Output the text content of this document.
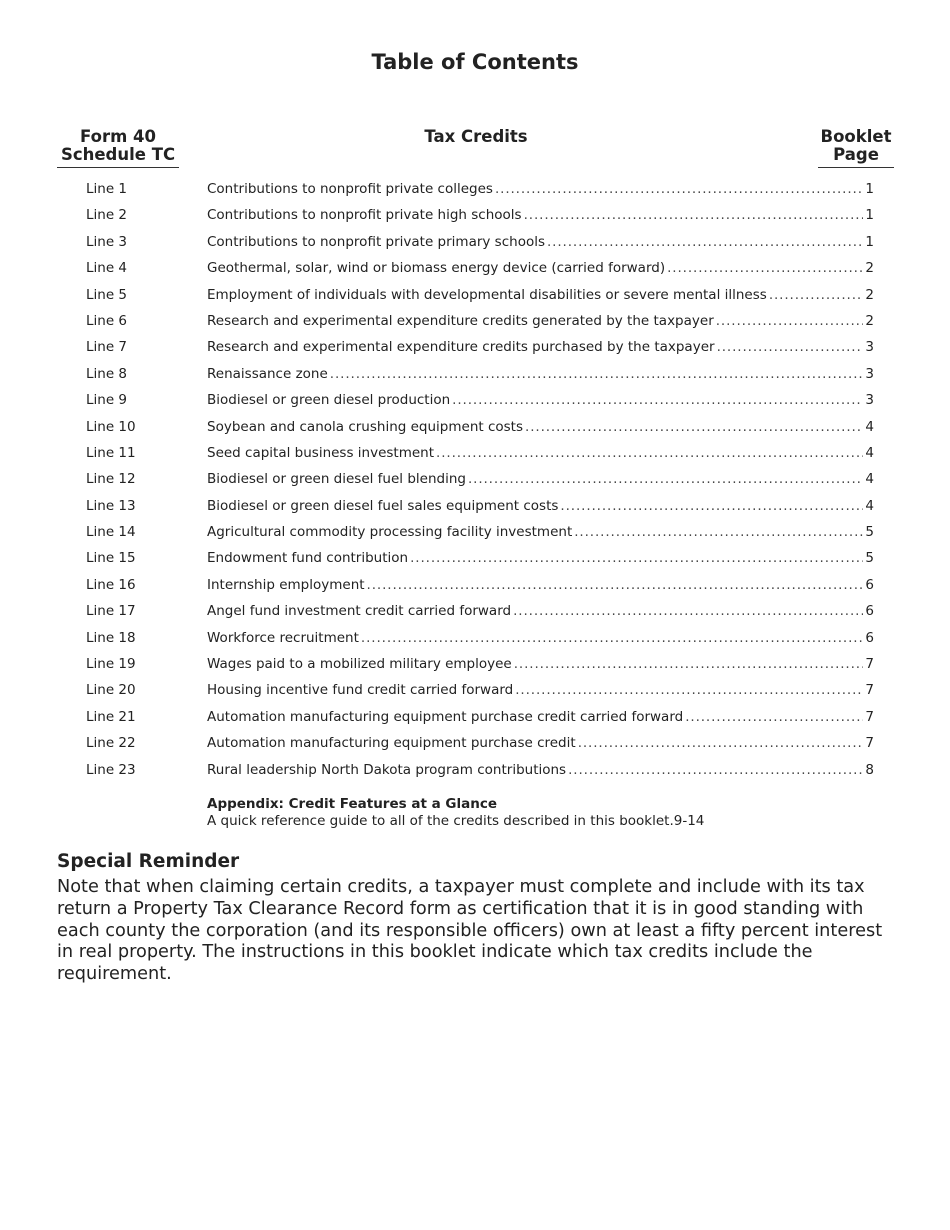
Table of Contents
Form 40
Schedule TC
Tax Credits	Booklet
Page
Line 1	Contributions to nonprofit private colleges . . .	1
Line 2	Contributions to nonprofit private high schools . . .	1
Line 3	Contributions to nonprofit private primary schools . . .	1
Line 4	Geothermal, solar, wind or biomass energy device (carried forward) . . .	2
Line 5	Employment of individuals with developmental disabilities or severe mental illness . . .	2
Line 6	Research and experimental expenditure credits generated by the taxpayer . . .	2
Line 7	Research and experimental expenditure credits purchased by the taxpayer . . .	3
Line 8	Renaissance zone . . .	3
Line 9	Biodiesel or green diesel production . . .	3
Line 10	Soybean and canola crushing equipment costs . . .	4
Line 11	Seed capital business investment . . .	4
Line 12	Biodiesel or green diesel fuel blending . . .	4
Line 13	Biodiesel or green diesel fuel sales equipment costs . . .	4
Line 14	Agricultural commodity processing facility investment . . .	5
Line 15	Endowment fund contribution . . .	5
Line 16	Internship employment . . .	6
Line 17	Angel fund investment credit carried forward . . .	6
Line 18	Workforce recruitment . . .	6
Line 19	Wages paid to a mobilized military employee . . .	7
Line 20	Housing incentive fund credit carried forward . . .	7
Line 21	Automation manufacturing equipment purchase credit carried forward . . .	7
Line 22	Automation manufacturing equipment purchase credit . . .	7
Line 23	Rural leadership North Dakota program contributions . . .	8

Appendix: Credit Features at a Glance

A quick reference guide to all of the credits described in this booklet. 9-14
Special Reminder

Note that when claiming certain credits, a taxpayer must complete and include with its tax return a Property Tax Clearance Record form as certification that it is in good standing with each county the corporation (and its responsible officers) own at least a fifty percent interest in real property. The instructions in this booklet indicate which tax credits include the requirement.
